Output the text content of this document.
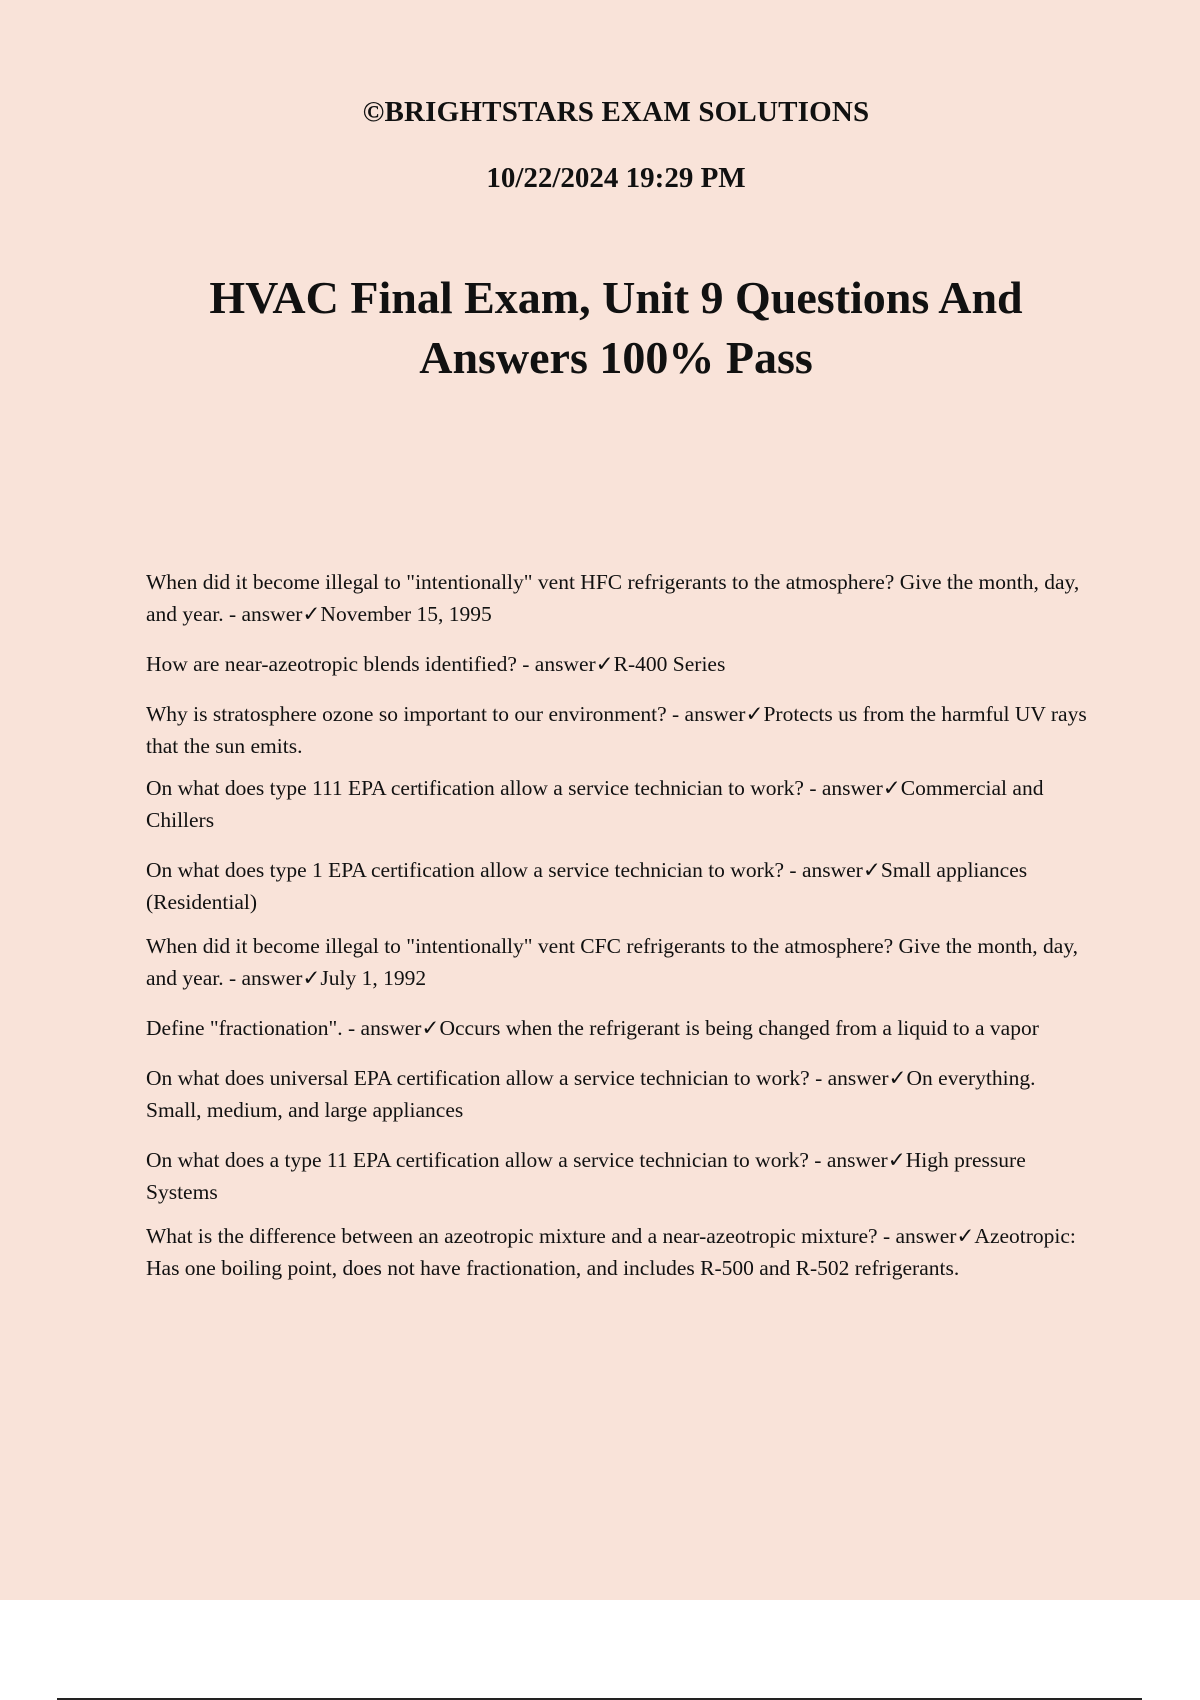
©BRIGHTSTARS EXAM SOLUTIONS
10/22/2024 19:29 PM
HVAC Final Exam, Unit 9 Questions And Answers 100% Pass
When did it become illegal to "intentionally" vent HFC refrigerants to the atmosphere? Give the month, day, and year. - answer✓November 15, 1995
How are near-azeotropic blends identified? - answer✓R-400 Series
Why is stratosphere ozone so important to our environment? - answer✓Protects us from the harmful UV rays that the sun emits.
On what does type 111 EPA certification allow a service technician to work? - answer✓Commercial and Chillers
On what does type 1 EPA certification allow a service technician to work? - answer✓Small appliances (Residential)
When did it become illegal to "intentionally" vent CFC refrigerants to the atmosphere? Give the month, day, and year. - answer✓July 1, 1992
Define "fractionation". - answer✓Occurs when the refrigerant is being changed from a liquid to a vapor
On what does universal EPA certification allow a service technician to work? - answer✓On everything. Small, medium, and large appliances
On what does a type 11 EPA certification allow a service technician to work? - answer✓High pressure Systems
What is the difference between an azeotropic mixture and a near-azeotropic mixture? - answer✓Azeotropic: Has one boiling point, does not have fractionation, and includes R-500 and R-502 refrigerants.
